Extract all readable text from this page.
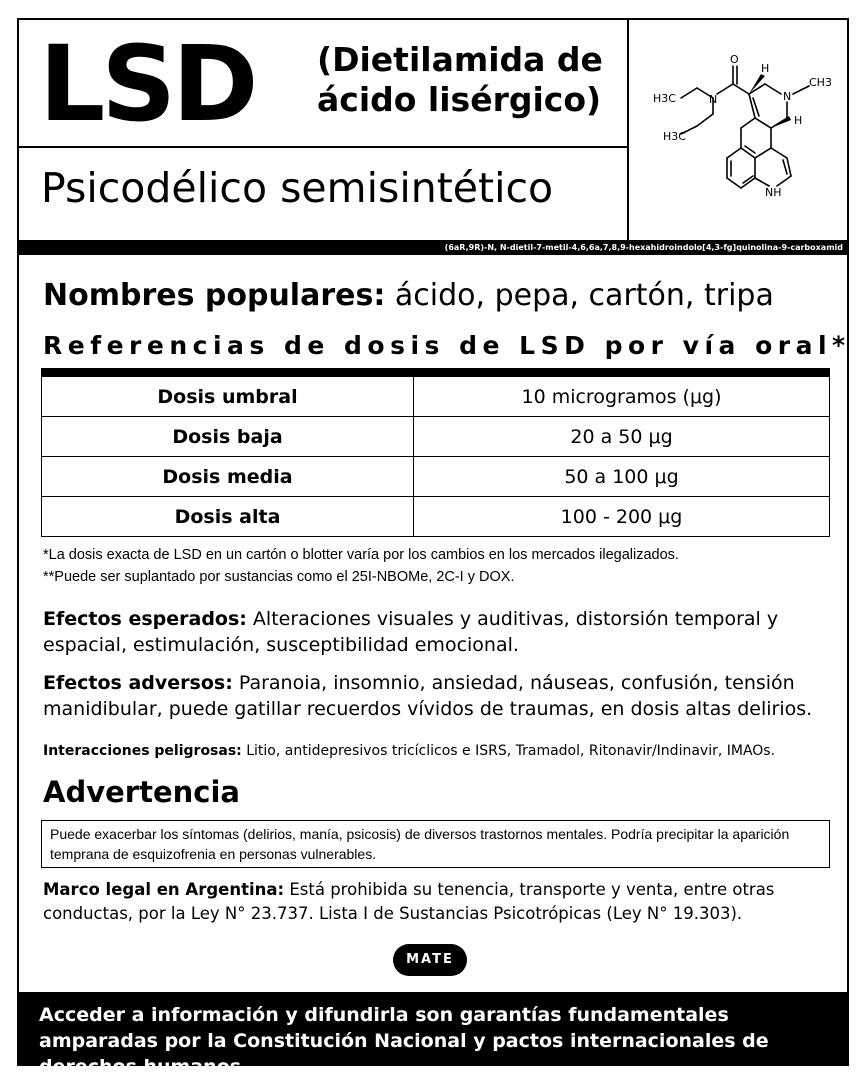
LSD (Dietilamida de
ácido lisérgico)
Psicodélico semisintético
H3C
H3C
N
O
H
N
CH3
H
NH
(6aR,9R)-N, N-dietil-7-metil-4,6,6a,7,8,9-hexahidroindolo[4,3-fg]quinolina-9-carboxamid
Nombres populares: ácido, pepa, cartón, tripa
Referencias de dosis de LSD por vía oral*
Dosis umbral	10 microgramos (μg)
Dosis baja	20 a 50 μg
Dosis media	50 a 100 μg
Dosis alta	100 - 200 μg
*La dosis exacta de LSD en un cartón o blotter varía por los cambios en los mercados ilegalizados.
**Puede ser suplantado por sustancias como el 25I-NBOMe, 2C-I y DOX.
Efectos esperados: Alteraciones visuales y auditivas, distorsión temporal y espacial, estimulación, susceptibilidad emocional.
Efectos adversos: Paranoia, insomnio, ansiedad, náuseas, confusión, tensión manidibular, puede gatillar recuerdos vívidos de traumas, en dosis altas delirios.
Interacciones peligrosas: Litio, antidepresivos tricíclicos e ISRS, Tramadol, Ritonavir/Indinavir, IMAOs.
Advertencia
Puede exacerbar los síntomas (delirios, manía, psicosis) de diversos trastornos mentales. Podría precipitar la aparición temprana de esquizofrenia en personas vulnerables.
Marco legal en Argentina: Está prohibida su tenencia, transporte y venta, entre otras conductas, por la Ley N° 23.737. Lista I de Sustancias Psicotrópicas (Ley N° 19.303).
MATE
Acceder a información y difundirla son garantías fundamentales amparadas por la Constitución Nacional y pactos internacionales de derechos humanos.
